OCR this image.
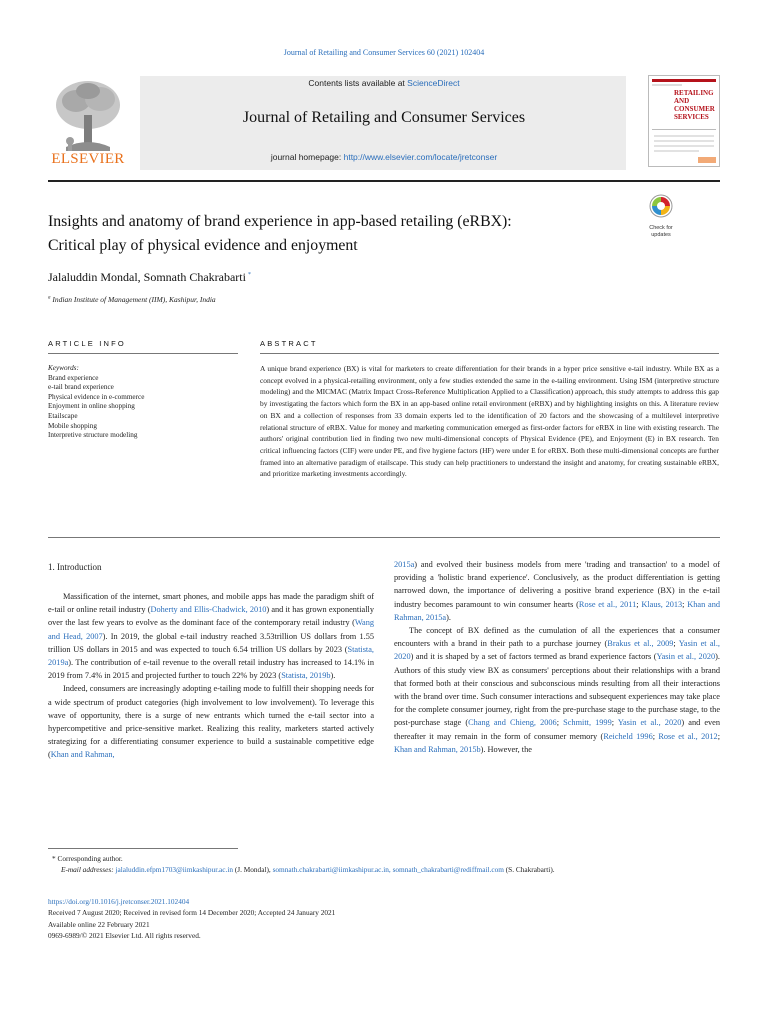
Journal of Retailing and Consumer Services 60 (2021) 102404
ELSEVIER
Contents lists available at ScienceDirect
Journal of Retailing and Consumer Services
journal homepage: http://www.elsevier.com/locate/jretconser
RETAILING
AND
CONSUMER
SERVICES
Insights and anatomy of brand experience in app-based retailing (eRBX):
Critical play of physical evidence and enjoyment
Check for updates
Jalaluddin Mondal, Somnath Chakrabarti *
$^a$ Indian Institute of Management (IIM), Kashipur, India
ARTICLE INFO	ABSTRACT
Keywords:
Brand experience
e-tail brand experience
Physical evidence in e-commerce
Enjoyment in online shopping
Etailscape
Mobile shopping
Interpretive structure modeling
A unique brand experience (BX) is vital for marketers to create differentiation for their brands in a hyper price sensitive e-tail industry. While BX as a concept evolved in a physical-retailing environment, only a few studies extended the same in the e-tailing environment. Using ISM (interpretive structure modeling) and the MICMAC (Matrix Impact Cross-Reference Multiplication Applied to a Classification) approach, this study attempts to address this gap by investigating the factors which form the BX in an app-based online retail environment (eRBX) and by highlighting insights on this. A literature review on BX and a collection of responses from 33 domain experts led to the identification of 20 factors and the showcasing of a multilevel interpretive relational structure of eRBX. Value for money and marketing communication emerged as first-order factors for eRBX in line with existing research. The authors' original contribution lied in finding two new multi-dimensional concepts of Physical Evidence (PE), and Enjoyment (E) in BX research. Ten critical influencing factors (CIF) were under PE, and five hygiene factors (HF) were under E for eRBX. Both these multi-dimensional concepts are further framed into an alternative paradigm of etailscape. This study can help practitioners to understand the insight and anatomy, for creating sustainable eRBX, and prioritize marketing investments accordingly.
1. Introduction

Massification of the internet, smart phones, and mobile apps has made the paradigm shift of e-tail or online retail industry (Doherty and Ellis-Chadwick, 2010) and it has grown exponentially over the last few years to evolve as the dominant face of the contemporary retail industry (Wang and Head, 2007). In 2019, the global e-tail industry reached 3.53trillion US dollars from 1.55 trillion US dollars in 2015 and was expected to touch 6.54 trillion US dollars by 2023 (Statista, 2019a). The contribution of e-tail revenue to the overall retail industry has increased to 14.1% in 2019 from 7.4% in 2015 and projected further to touch 22% by 2023 (Statista, 2019b).

Indeed, consumers are increasingly adopting e-tailing mode to fulfill their shopping needs for a wide spectrum of product categories (high involvement to low involvement). To leverage this wave of opportunity, there is a surge of new entrants which turned the e-tail sector into a hypercompetitive and price-sensitive market. Realizing this reality, marketers started actively strategizing for a differentiating consumer experience to build a sustainable competitive edge (Khan and Rahman,

2015a) and evolved their business models from mere 'trading and transaction' to a model of providing a 'holistic brand experience'. Conclusively, as the product differentiation is getting narrowed down, the importance of delivering a positive brand experience (BX) in the e-tail industry becomes paramount to win consumer hearts (Rose et al., 2011; Klaus, 2013; Khan and Rahman, 2015a).

The concept of BX defined as the cumulation of all the experiences that a consumer encounters with a brand in their path to a purchase journey (Brakus et al., 2009; Yasin et al., 2020) and it is shaped by a set of factors termed as brand experience factors (Yasin et al., 2020). Authors of this study view BX as consumers' perceptions about their relationships with a brand that formed both at their conscious and subconscious minds resulting from all their interactions with the brand over time. Such consumer interactions and subsequent experiences may take place for the complete consumer journey, right from the pre-purchase stage to the purchase stage, to the post-purchase stage (Chang and Chieng, 2006; Schmitt, 1999; Yasin et al., 2020) and even thereafter it may remain in the form of consumer memory (Reicheld 1996; Rose et al., 2012; Khan and Rahman, 2015b). However, the

* Corresponding author.
E-mail addresses: jalaluddin.efpm1703@iimkashipur.ac.in (J. Mondal), somnath.chakrabarti@iimkashipur.ac.in, somnath_chakrabarti@rediffmail.com (S. Chakrabarti).
https://doi.org/10.1016/j.jretconser.2021.102404
Received 7 August 2020; Received in revised form 14 December 2020; Accepted 24 January 2021
Available online 22 February 2021
0969-6989/© 2021 Elsevier Ltd. All rights reserved.
